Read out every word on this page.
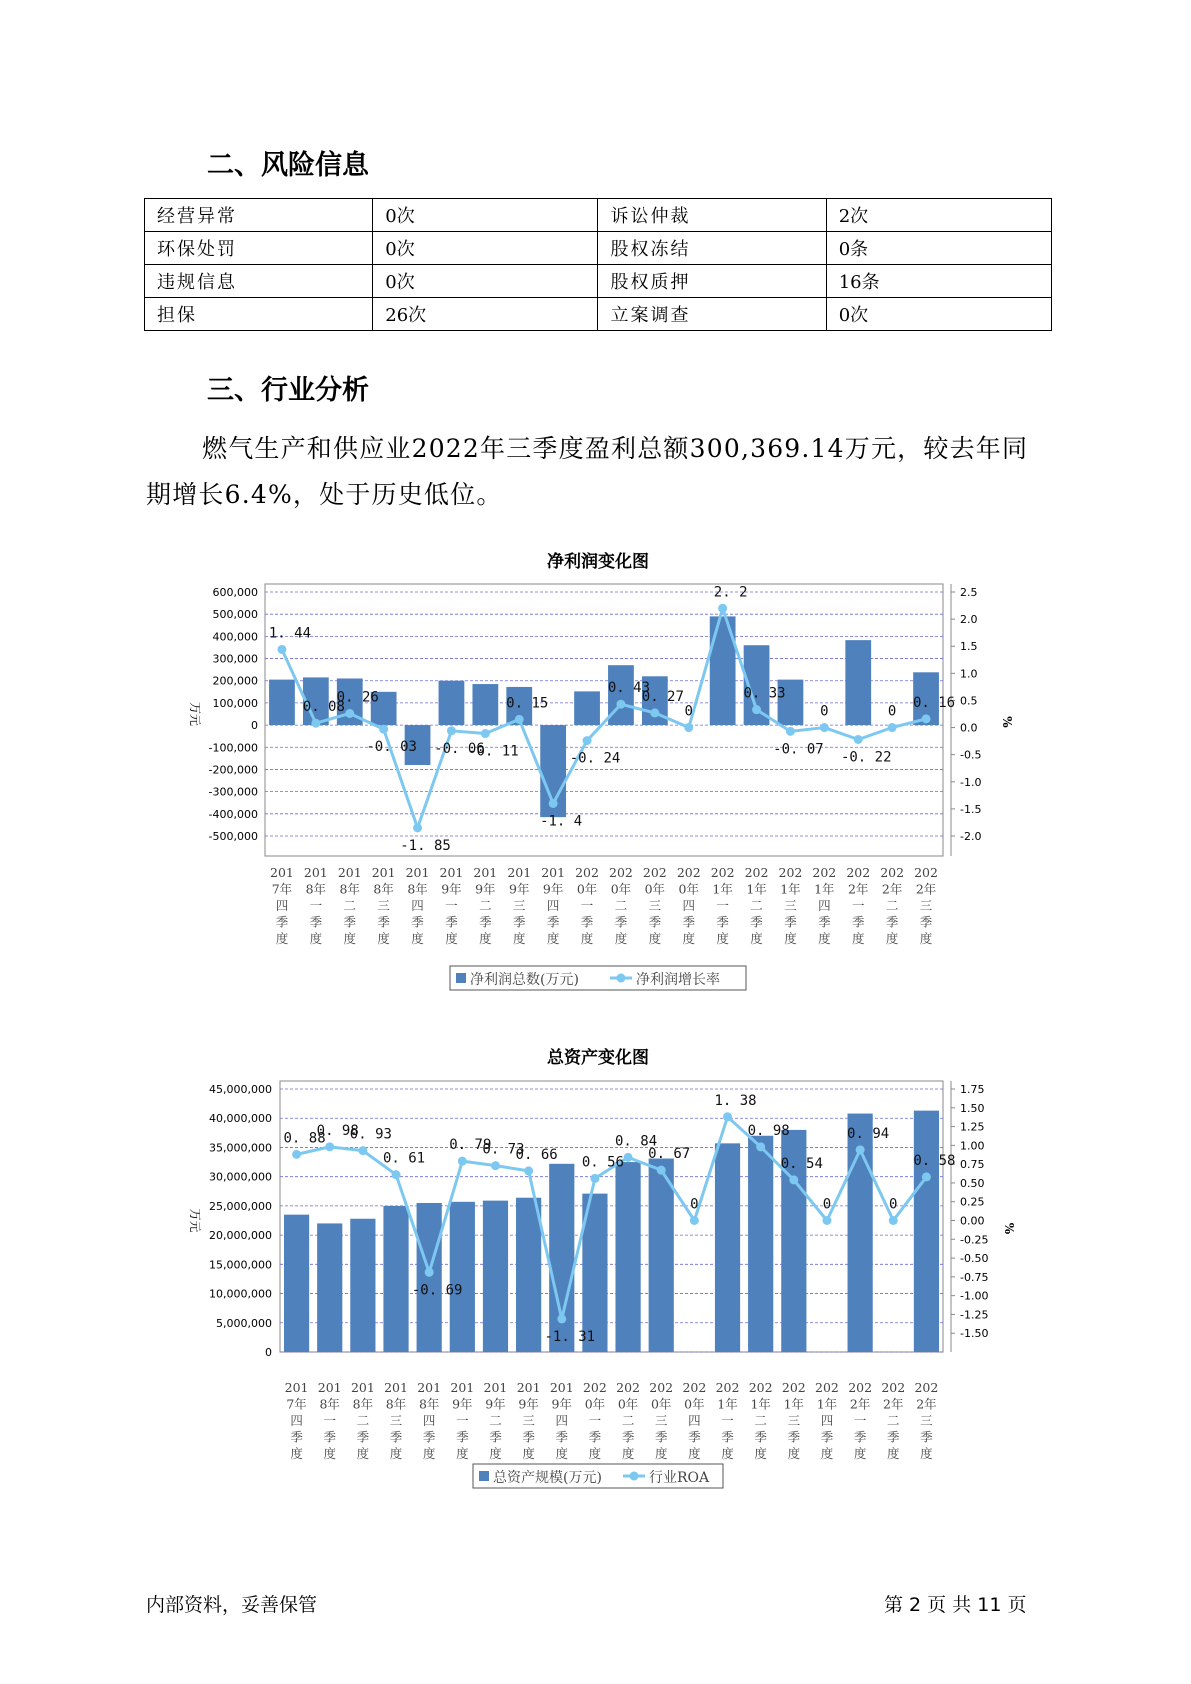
二、风险信息
经营异常	0次	诉讼仲裁	2次
环保处罚	0次	股权冻结	0条
违规信息	0次	股权质押	16条
担保	26次	立案调查	0次
三、行业分析

燃气生产和供应业2022年三季度盈利总额300,369.14万元，较去年同期增长6.4%，处于历史低位。

净利润变化图
600,000
500,000
400,000
300,000
200,000
100,000
0
-100,000
-200,000
-300,000
-400,000
-500,000
2.5
2.0
1.5
1.0
0.5
0.0
-0.5
-1.0
-1.5
-2.0
万元	%
1. 44
0. 08
0. 26
-0. 03
-1. 85
-0. 06
-0. 11
0. 15
-1. 4
-0. 24
0. 43
0. 27
0
2. 2
0. 33
-0. 07
0
-0. 22
0
0. 16
201 7年四季度
201 8年一季度
201 8年二季度
201 8年三季度
201 8年四季度
201 9年一季度
201 9年二季度
201 9年三季度
201 9年四季度
202 0年一季度
202 0年二季度
202 0年三季度
202 0年四季度
202 1年一季度
202 1年二季度
202 1年三季度
202 1年四季度
202 2年一季度
202 2年二季度
202 2年三季度
净利润总数(万元)	净利润增长率
总资产变化图
45,000,000
40,000,000
35,000,000
30,000,000
25,000,000
20,000,000
15,000,000
10,000,000
5,000,000
0
1.75
1.50
1.25
1.00
0.75
0.50
0.25
0.00
-0.25
-0.50
-0.75
-1.00
-1.25
-1.50
万元	%
0. 88
0. 98
0. 93
0. 61
-0. 69
0. 79
0. 73
0. 66
-1. 31
0. 56
0. 84
0. 67
0
1. 38
0. 98
0. 54
0
0. 94
0
0. 58
201 7年四季度
201 8年一季度
201 8年二季度
201 8年三季度
201 8年四季度
201 9年一季度
201 9年二季度
201 9年三季度
201 9年四季度
202 0年一季度
202 0年二季度
202 0年三季度
202 0年四季度
202 1年一季度
202 1年二季度
202 1年三季度
202 1年四季度
202 2年一季度
202 2年二季度
202 2年三季度
总资产规模(万元)	行业ROA

内部资料，妥善保管	第 2 页 共 11 页
